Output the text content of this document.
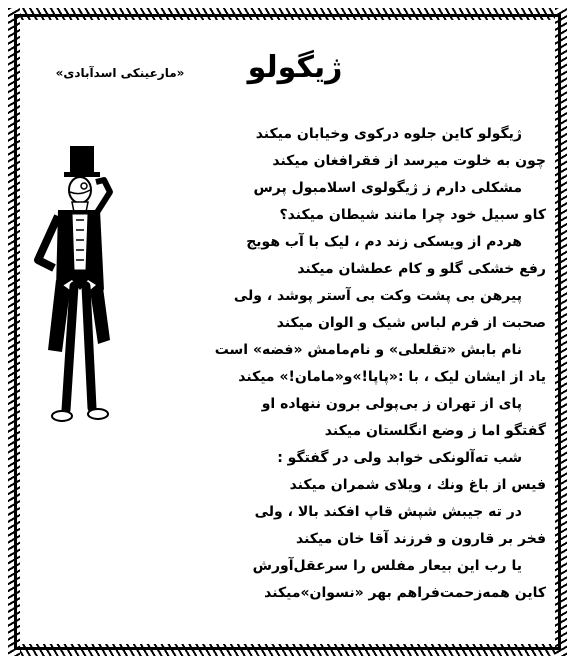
ژیگولو
«مارعینکی اسدآبادی»
ژیگولو کاین جلوه درکوی وخیابان میکند
چون به خلوت میرسد از فقرافغان میکند
مشکلی دارم ز ژیگولوی اسلامبول پرس
کاو سبیل خود چرا مانند شیطان میکند؟
هردم از ویسکی زند دم ، لیک با آب هویج
رفع خشکی گلو و کام عطشان میکند
پیرهن بی پشت وکت بی آستر پوشد ، ولی
صحبت از فرم لباس شیک و الوان میکند
نام بابش «تقلعلی» و نام‌مامش «فضه» است
یاد از ایشان لیک ، با :«پاپا!»و«مامان!» میکند
پای از تهران ز بی‌پولی برون ننهاده او
گفتگو اما ز وضع انگلستان میکند
شب ته‌آلونکی خوابد ولی در گفتگو :
فیس از باغ ونك ، ویلای شمران میکند
در ته جیبش شپش قاپ افکند بالا ، ولی
فخر بر قارون و فرزند آقا خان میکند
یا رب این بیعار مفلس را سرعقل‌آورش
کاین همه‌زحمت‌فراهم بهر «نسوان»میکند
